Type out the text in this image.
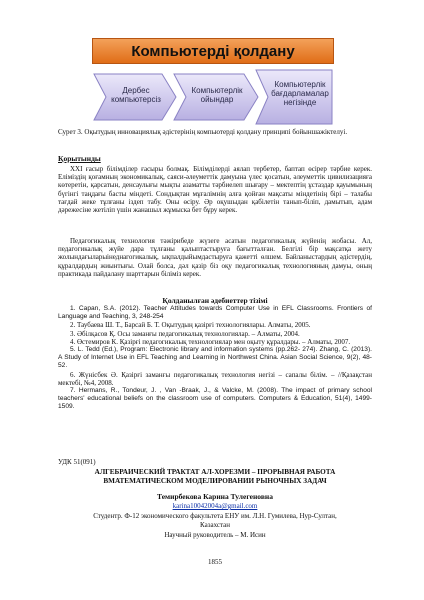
Компьютерді қолдану
Дербес
компьютерсіз
Компьютерлік
ойындар
Компьютерлік
бағдарламалар
негізінде
Сурет 3. Оқытудың инновациялық әдістерінің компьютерді қолдану принципі бойыншажіктелуі.
Қорытынды
XXI ғасыр білімділер ғасыры болмақ. Білімділерді аялап тербетер, баптап өсірер тәрбие керек. Еліміздің қоғамның экономикалық, саяси-әлеуметтік дамуына үлес қосатын, әлеуметтік цивилизацияға көтеретін, қарсатын, денсаулығы мықты азаматты тәрбиелеп шығару – мектептің ұстаздар қауымының бүгінгі таңдағы басты міндеті. Сондықтан мұғалімнің алға қойған мақсаты міндетінің бірі – талабы тағдай жеке тұлғаны іздеп табу. Оны өсіру. Әр оқушыдан қабілетін танып-біліп, дамытып, адам дәрежесіне жетіліп үшін жанашыл жұмыска бет бұру керек.
Педагогикалық технология тәжірибеде жүзеге асатын педагогикалық жүйенің жобасы. Ал, педагогикалық жүйе дара тұлғаны қалыптастыруға бағытталған. Белгілі бір мақсатқа жету жолындағыларыінеднагогикалық, ықпалдыйымдастыруға қажетті өлшем. Байланыстардың әдістердің, құралдардың жиынтығы. Олай болса, дәл қазір біз оқу педагогикалық технологияның дамуы, оның практикада пайдалану шарттарын біліміз керек.
Қолданылған әдебиеттер тізімі
1. Capan, S.A. (2012). Teacher Attitudes towards Computer Use in EFL Classrooms. Frontiers of Language and Teaching, 3, 248-254
2. Таубаева Ш. Т., Барсай Б. Т. Оқытудың қазірғі технологиялары. Алматы, 2005.
3. Әбілқасов Қ. Осы заманғы педагогикалық технологиялар. – Алматы, 2004.
4. Өстемиров К. Қазірғі педагогикалық технологиялар мен оқыту құралдары. – Алматы, 2007.
5. L. Tedd (Ed.), Program: Electronic library and information systems (pp.262- 274). Zhang, C. (2013). A Study of Internet Use in EFL Teaching and Learning in Northwest China. Asian Social Science, 9(2), 48-52.
6. Жүнісбек Ә. Қазірғі заманғы педагогикалық технология негізі – сапалы білім. – //Қазақстан мектебі, №4, 2008.
7. Hermans, R., Tondeur, J. , Van -Braak, J., & Valcke, M. (2008). The impact of primary school teachers' educational beliefs on the classroom use of computers. Computers & Education, 51(4), 1499-1509.
УДК 51(091)
АЛГЕБРАИЧЕСКИЙ ТРАКТАТ АЛ-ХОРЕЗМИ – ПРОРЫВНАЯ РАБОТА
ВМАТЕМАТИЧЕСКОМ МОДЕЛИРОВАНИИ РЫНОЧНЫХ ЗАДАЧ
Темирбекова Карина Тулегеновна
karina10042004a@gmail.com
Студентр. Ф-12 экономического факультета ЕНУ им. Л.Н. Гумилева, Нур-Султан,
Казахстан
Научный руководитель – М. Исин
1855
